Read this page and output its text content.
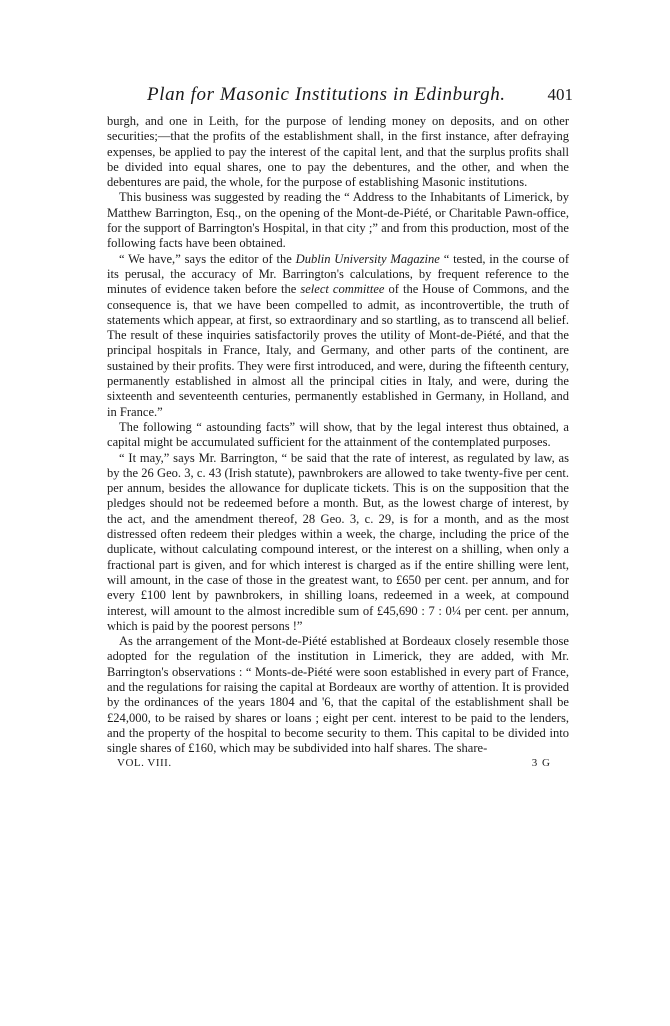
Plan for Masonic Institutions in Edinburgh. 401

burgh, and one in Leith, for the purpose of lending money on deposits, and on other securities;—that the profits of the establishment shall, in the first instance, after defraying expenses, be applied to pay the interest of the capital lent, and that the surplus profits shall be divided into equal shares, one to pay the debentures, and the other, and when the debentures are paid, the whole, for the purpose of establishing Masonic institutions.

This business was suggested by reading the “ Address to the Inhabitants of Limerick, by Matthew Barrington, Esq., on the opening of the Mont-de-Piété, or Charitable Pawn-office, for the support of Barrington's Hospital, in that city ;” and from this production, most of the following facts have been obtained.

“ We have,” says the editor of the Dublin University Magazine “ tested, in the course of its perusal, the accuracy of Mr. Barrington's calculations, by frequent reference to the minutes of evidence taken before the select committee of the House of Commons, and the consequence is, that we have been compelled to admit, as incontrovertible, the truth of statements which appear, at first, so extraordinary and so startling, as to transcend all belief. The result of these inquiries satisfactorily proves the utility of Mont-de-Piété, and that the principal hospitals in France, Italy, and Germany, and other parts of the continent, are sustained by their profits. They were first introduced, and were, during the fifteenth century, permanently established in almost all the principal cities in Italy, and were, during the sixteenth and seventeenth centuries, permanently established in Germany, in Holland, and in France.”

The following “ astounding facts” will show, that by the legal interest thus obtained, a capital might be accumulated sufficient for the attainment of the contemplated purposes.

“ It may,” says Mr. Barrington, “ be said that the rate of interest, as regulated by law, as by the 26 Geo. 3, c. 43 (Irish statute), pawnbrokers are allowed to take twenty-five per cent. per annum, besides the allowance for duplicate tickets. This is on the supposition that the pledges should not be redeemed before a month. But, as the lowest charge of interest, by the act, and the amendment thereof, 28 Geo. 3, c. 29, is for a month, and as the most distressed often redeem their pledges within a week, the charge, including the price of the duplicate, without calculating compound interest, or the interest on a shilling, when only a fractional part is given, and for which interest is charged as if the entire shilling were lent, will amount, in the case of those in the greatest want, to £650 per cent. per annum, and for every £100 lent by pawnbrokers, in shilling loans, redeemed in a week, at compound interest, will amount to the almost incredible sum of £45,690 : 7 : 0¼ per cent. per annum, which is paid by the poorest persons !”

As the arrangement of the Mont-de-Piété established at Bordeaux closely resemble those adopted for the regulation of the institution in Limerick, they are added, with Mr. Barrington's observations : “ Monts-de-Piété were soon established in every part of France, and the regulations for raising the capital at Bordeaux are worthy of attention. It is provided by the ordinances of the years 1804 and '6, that the capital of the establishment shall be £24,000, to be raised by shares or loans ; eight per cent. interest to be paid to the lenders, and the property of the hospital to become security to them. This capital to be divided into single shares of £160, which may be subdivided into half shares. The share-

VOL. VIII.	3 G
